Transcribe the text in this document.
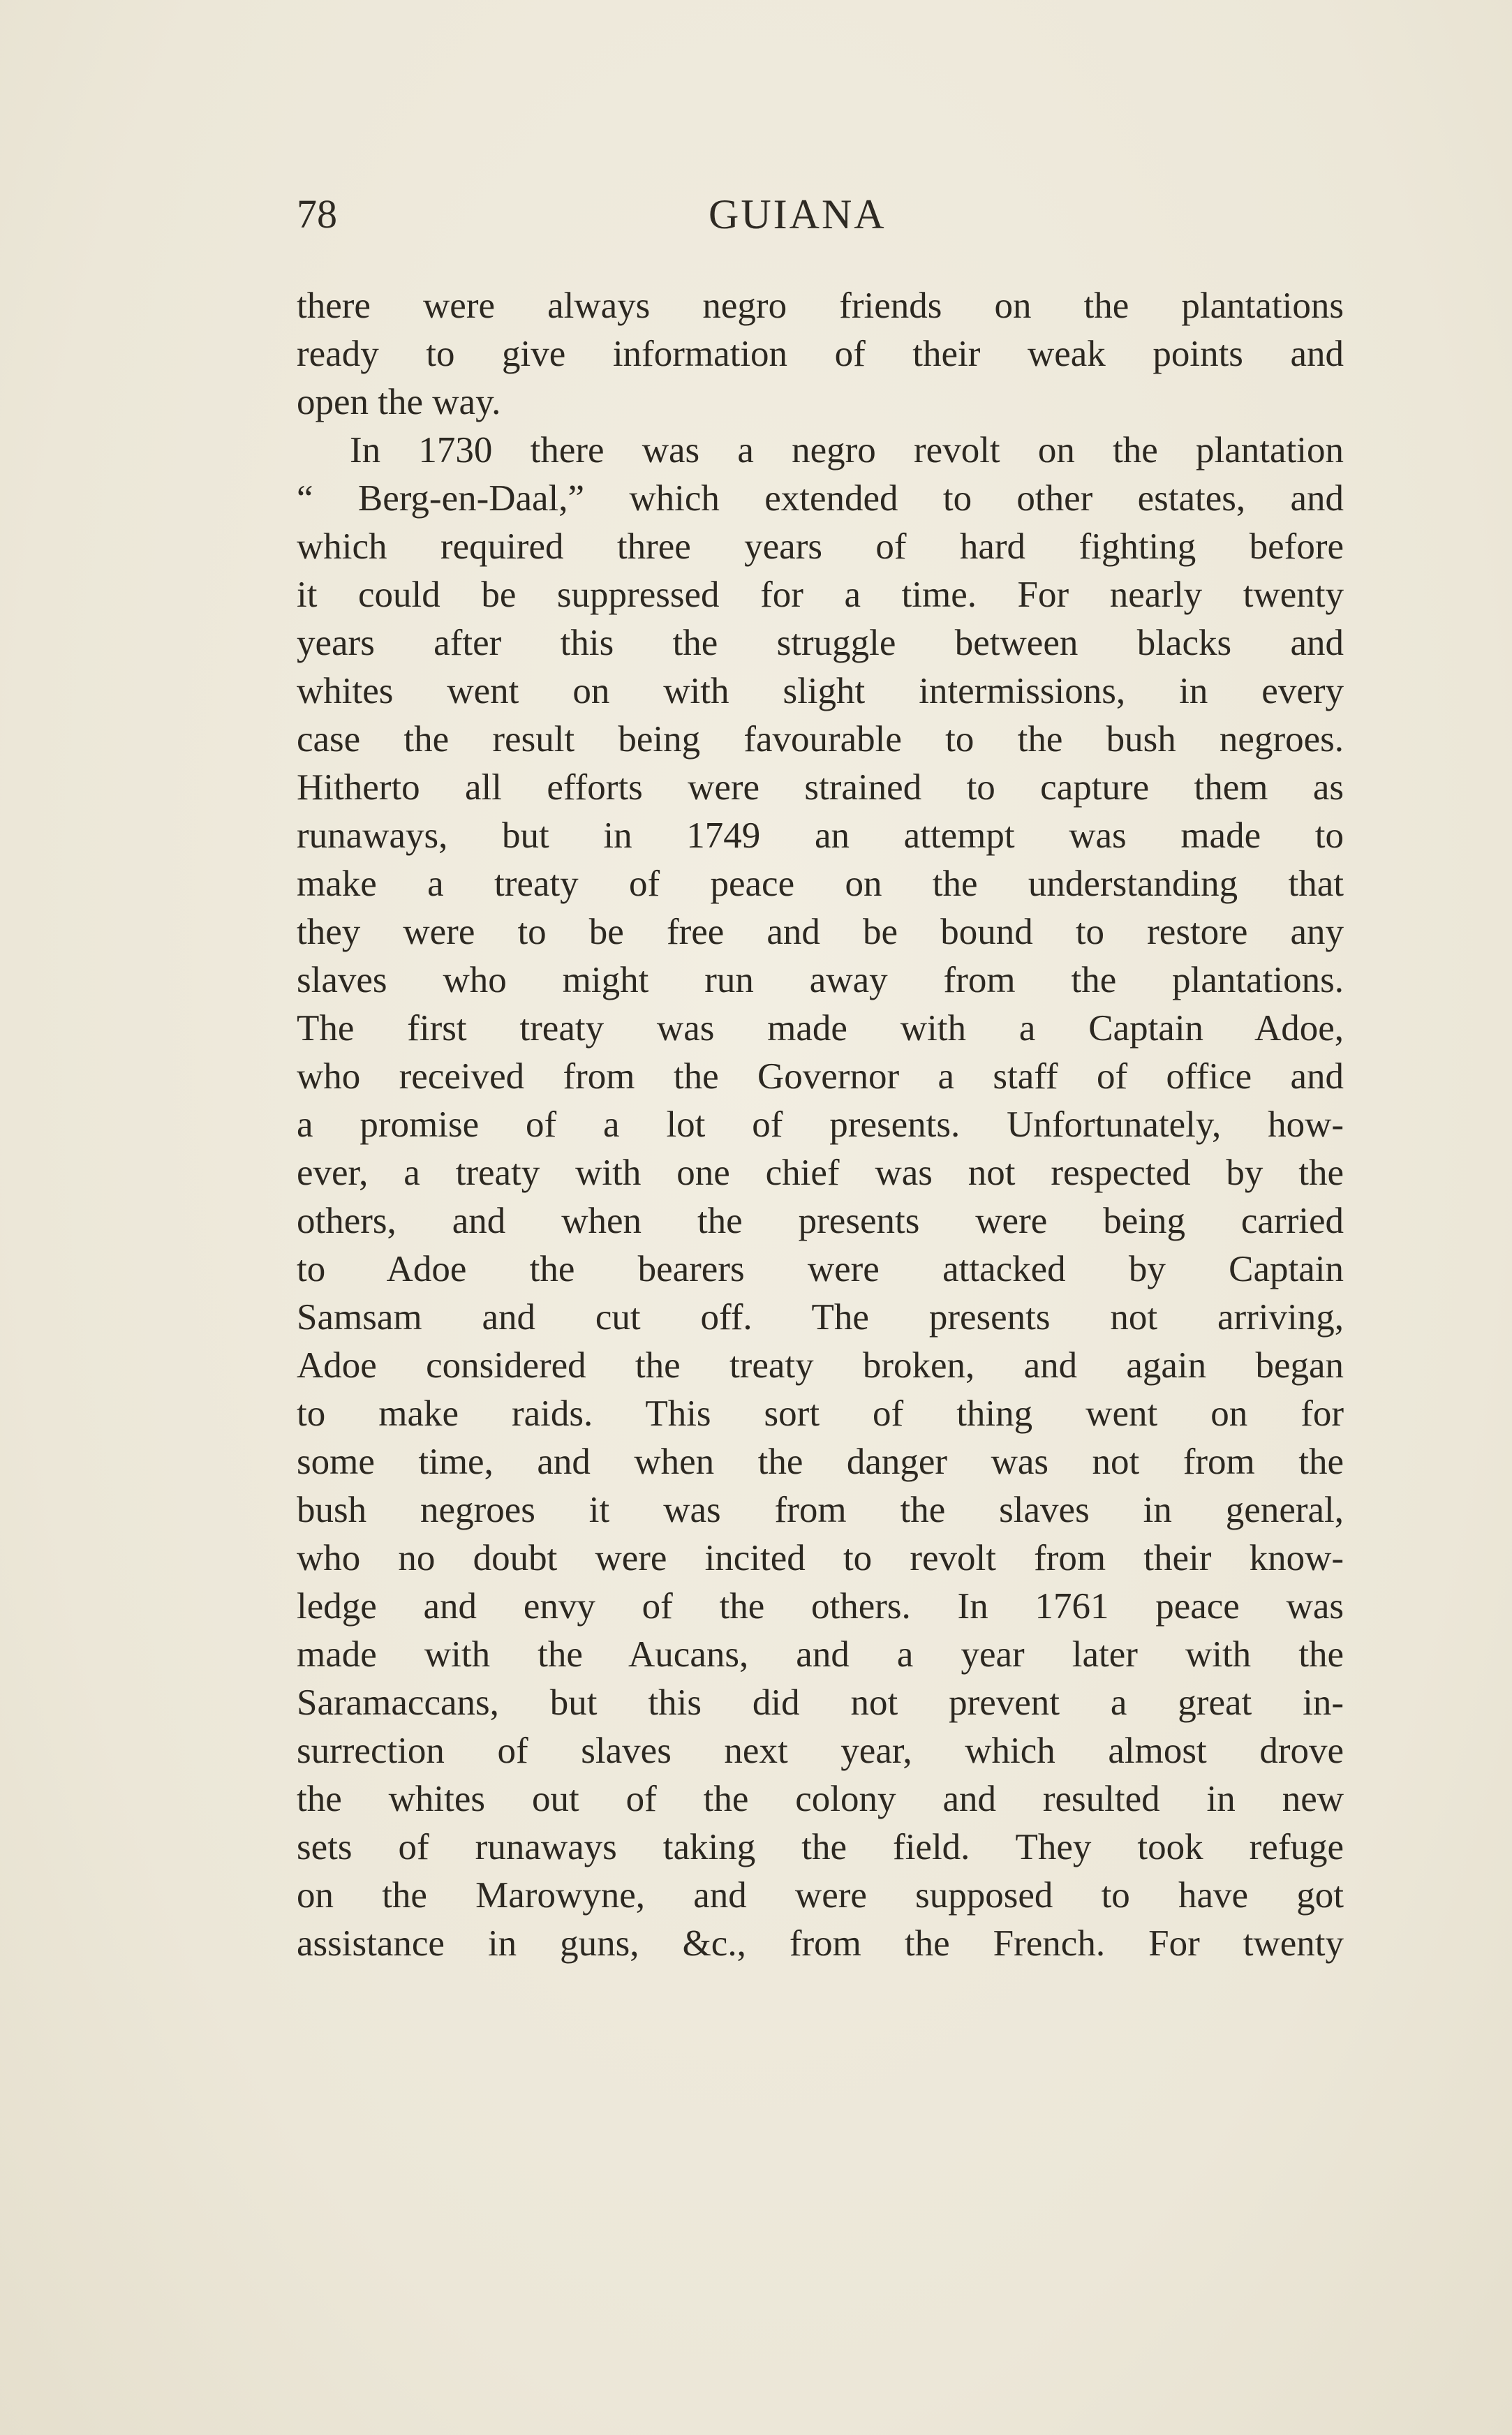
78	GUIANA
there were always negro friends on the plantations
ready to give information of their weak points and
open the way.
In 1730 there was a negro revolt on the plantation
“ Berg-en-Daal,” which extended to other estates, and
which required three years of hard fighting before
it could be suppressed for a time. For nearly twenty
years after this the struggle between blacks and
whites went on with slight intermissions, in every
case the result being favourable to the bush negroes.
Hitherto all efforts were strained to capture them as
runaways, but in 1749 an attempt was made to
make a treaty of peace on the understanding that
they were to be free and be bound to restore any
slaves who might run away from the plantations.
The first treaty was made with a Captain Adoe,
who received from the Governor a staff of office and
a promise of a lot of presents. Unfortunately, how-
ever, a treaty with one chief was not respected by the
others, and when the presents were being carried
to Adoe the bearers were attacked by Captain
Samsam and cut off. The presents not arriving,
Adoe considered the treaty broken, and again began
to make raids. This sort of thing went on for
some time, and when the danger was not from the
bush negroes it was from the slaves in general,
who no doubt were incited to revolt from their know-
ledge and envy of the others. In 1761 peace was
made with the Aucans, and a year later with the
Saramaccans, but this did not prevent a great in-
surrection of slaves next year, which almost drove
the whites out of the colony and resulted in new
sets of runaways taking the field. They took refuge
on the Marowyne, and were supposed to have got
assistance in guns, &c., from the French. For twenty
